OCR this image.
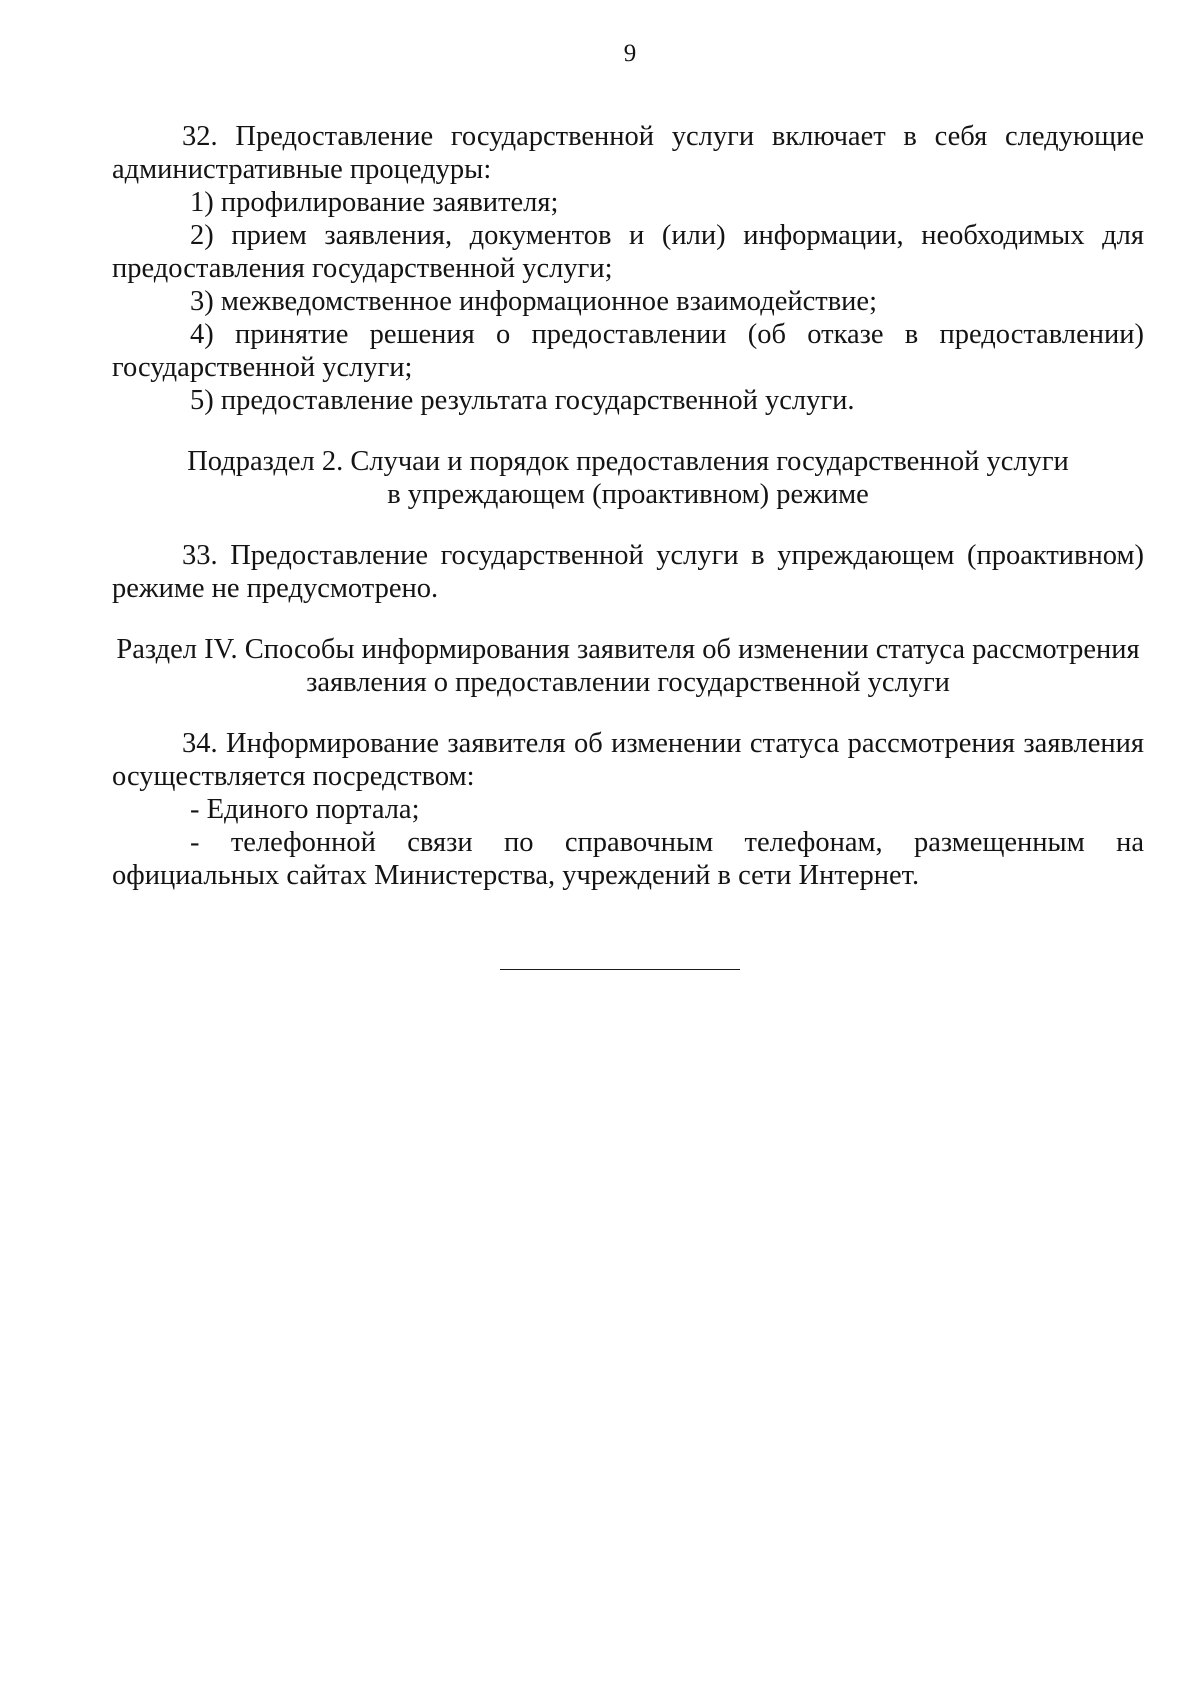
9

32. Предоставление государственной услуги включает в себя следующие административные процедуры:

1) профилирование заявителя;

2) прием заявления, документов и (или) информации, необходимых для предоставления государственной услуги;

3) межведомственное информационное взаимодействие;

4) принятие решения о предоставлении (об отказе в предоставлении) государственной услуги;

5) предоставление результата государственной услуги.

Подраздел 2. Случаи и порядок предоставления государственной услуги
в упреждающем (проактивном) режиме

33. Предоставление государственной услуги в упреждающем (проактивном) режиме не предусмотрено.

Раздел IV. Способы информирования заявителя об изменении статуса рассмотрения
заявления о предоставлении государственной услуги

34. Информирование заявителя об изменении статуса рассмотрения заявления осуществляется посредством:

- Единого портала;

- телефонной связи по справочным телефонам, размещенным на официальных сайтах Министерства, учреждений в сети Интернет.
